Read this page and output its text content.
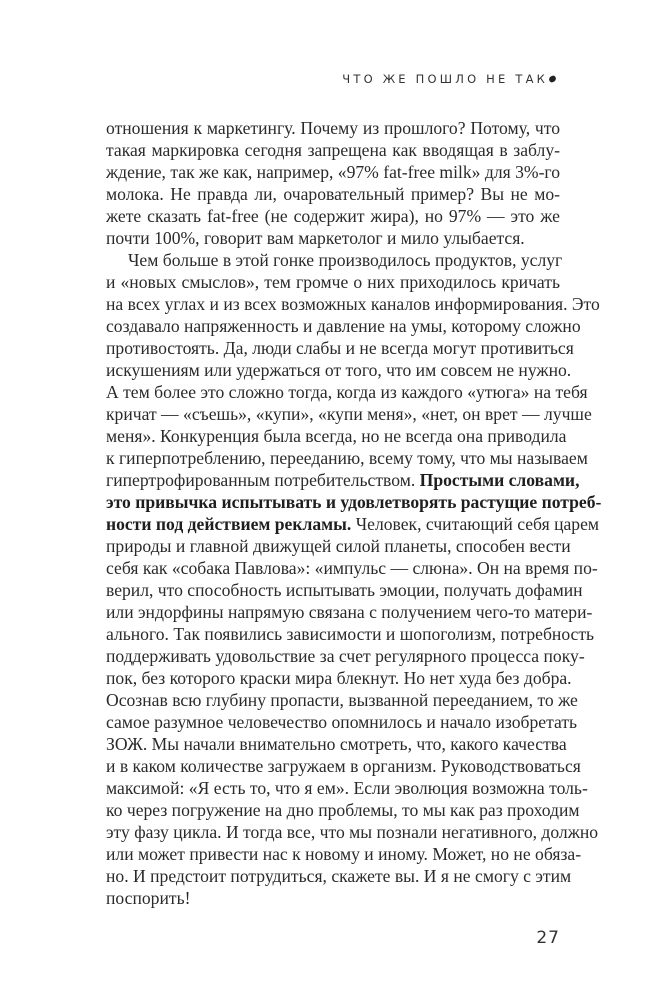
ЧТО ЖЕ ПОШЛО НЕ ТАК
отношения к маркетингу. Почему из прошлого? Потому, что
такая маркировка сегодня запрещена как вводящая в заблу-
ждение, так же как, например, «97% fat-free milk» для 3%-го
молока. Не правда ли, очаровательный пример? Вы не мо-
жете сказать fat-free (не содержит жира), но 97% — это же
почти 100%, говорит вам маркетолог и мило улыбается.
Чем больше в этой гонке производилось продуктов, услуг
и «новых смыслов», тем громче о них приходилось кричать
на всех углах и из всех возможных каналов информирования. Это
создавало напряженность и давление на умы, которому сложно
противостоять. Да, люди слабы и не всегда могут противиться
искушениям или удержаться от того, что им совсем не нужно.
А тем более это сложно тогда, когда из каждого «утюга» на тебя
кричат — «съешь», «купи», «купи меня», «нет, он врет — лучше
меня». Конкуренция была всегда, но не всегда она приводила
к гиперпотреблению, перееданию, всему тому, что мы называем
гипертрофированным потребительством. Простыми словами,
это привычка испытывать и удовлетворять растущие потреб-
ности под действием рекламы. Человек, считающий себя царем
природы и главной движущей силой планеты, способен вести
себя как «собака Павлова»: «импульс — слюна». Он на время по-
верил, что способность испытывать эмоции, получать дофамин
или эндорфины напрямую связана с получением чего-то матери-
ального. Так появились зависимости и шопоголизм, потребность
поддерживать удовольствие за счет регулярного процесса поку-
пок, без которого краски мира блекнут. Но нет худа без добра.
Осознав всю глубину пропасти, вызванной перееданием, то же
самое разумное человечество опомнилось и начало изобретать
ЗОЖ. Мы начали внимательно смотреть, что, какого качества
и в каком количестве загружаем в организм. Руководствоваться
максимой: «Я есть то, что я ем». Если эволюция возможна толь-
ко через погружение на дно проблемы, то мы как раз проходим
эту фазу цикла. И тогда все, что мы познали негативного, должно
или может привести нас к новому и иному. Может, но не обяза-
но. И предстоит потрудиться, скажете вы. И я не смогу с этим
поспорить!
27
